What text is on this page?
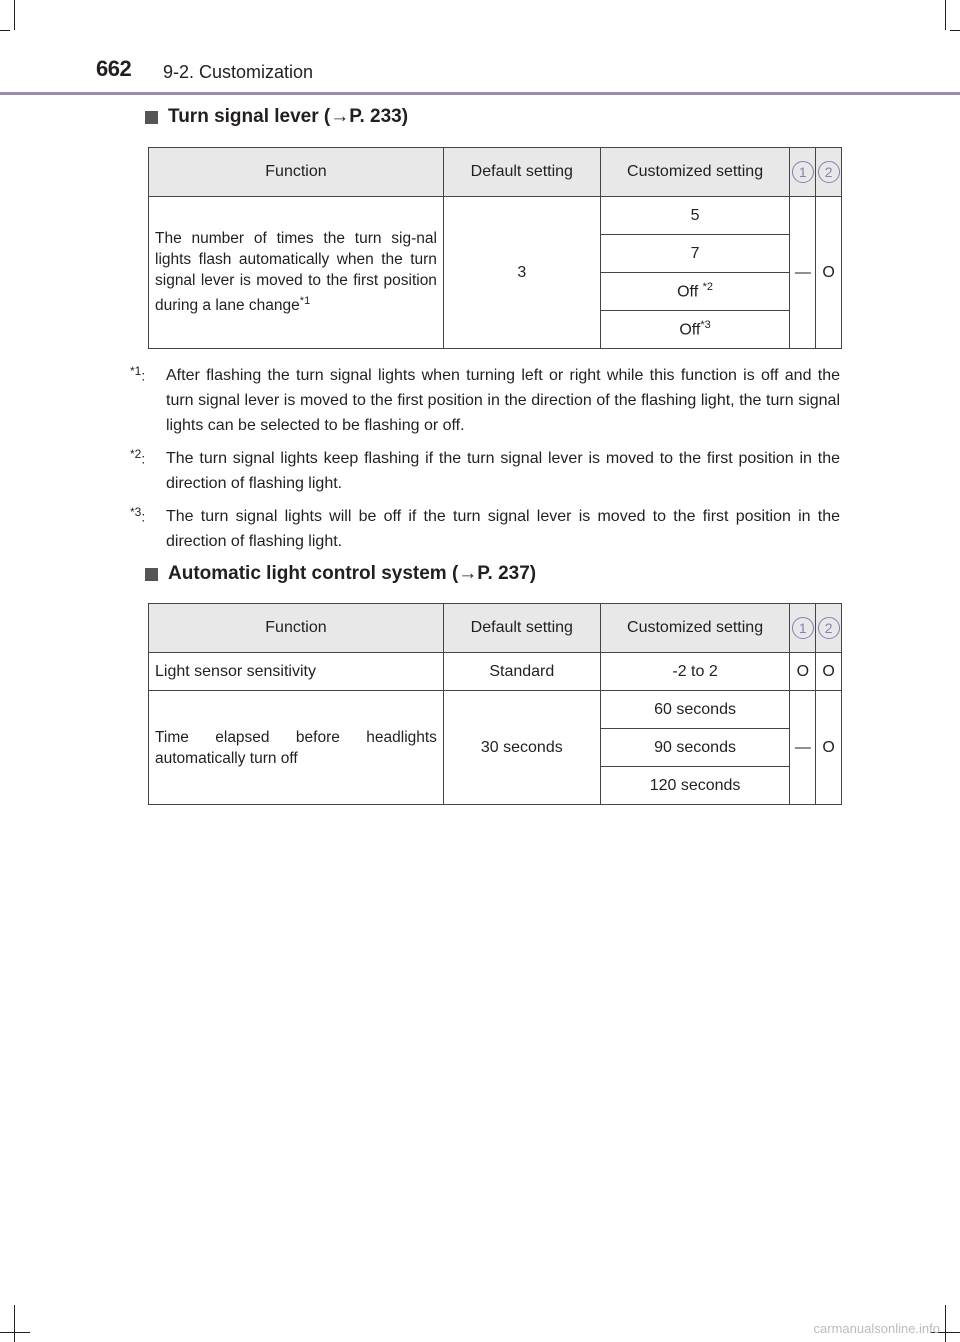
662 9-2. Customization
Turn signal lever (→P. 233)
Function	Default setting	Customized setting	1	2
The number of times the turn sig-nal lights flash automatically when the turn signal lever is moved to the first position during a lane change$^{*1}$	3	5	—	O
		7		
		Off $^{*2}$
		Off$^{*3}$
$^{*1}$: After flashing the turn signal lights when turning left or right while this function is off and the turn signal lever is moved to the first position in the direction of the flashing light, the turn signal lights can be selected to be flashing or off.
$^{*2}$: The turn signal lights keep flashing if the turn signal lever is moved to the first position in the direction of flashing light.
$^{*3}$: The turn signal lights will be off if the turn signal lever is moved to the first position in the direction of flashing light.
Automatic light control system (→P. 237)
Function	Default setting	Customized setting	1	2
Light sensor sensitivity	Standard	-2 to 2	O	O
Time elapsed before headlights automatically turn off	30 seconds	60 seconds	—	O
		90 seconds		
		120 seconds		
carmanualsonline.info
